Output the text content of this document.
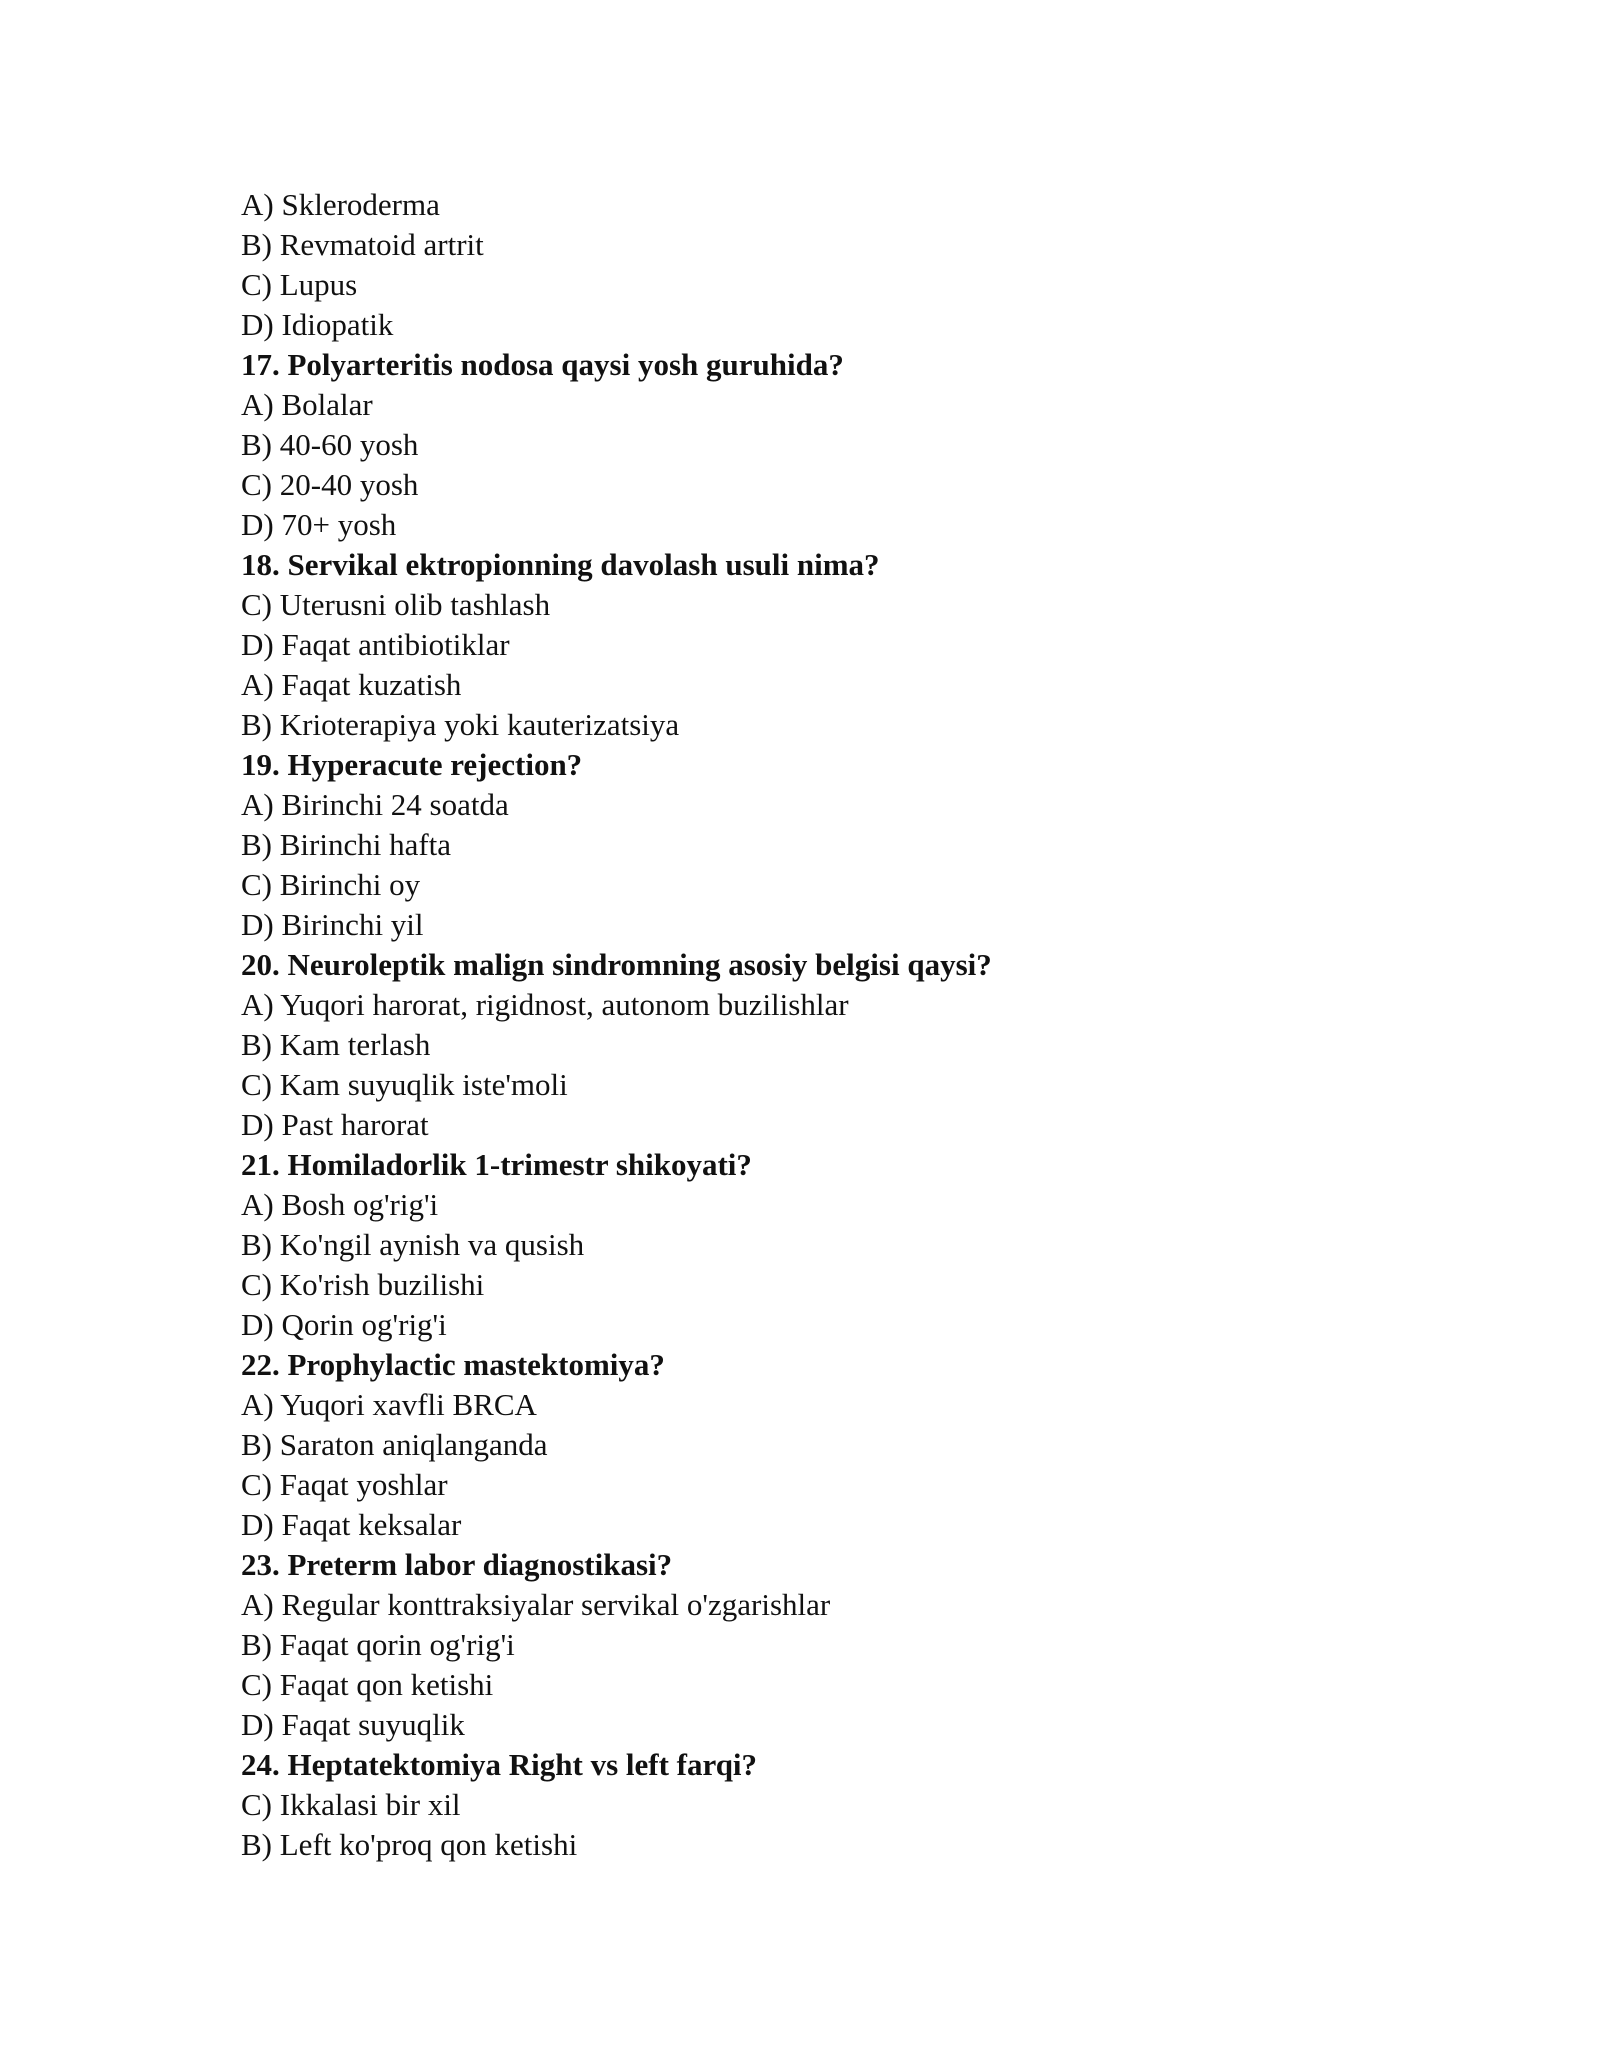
A) Skleroderma
B) Revmatoid artrit
C) Lupus
D) Idiopatik
17. Polyarteritis nodosa qaysi yosh guruhida?
A) Bolalar
B) 40-60 yosh
C) 20-40 yosh
D) 70+ yosh
18. Servikal ektropionning davolash usuli nima?
C) Uterusni olib tashlash
D) Faqat antibiotiklar
A) Faqat kuzatish
B) Krioterapiya yoki kauterizatsiya
19. Hyperacute rejection?
A) Birinchi 24 soatda
B) Birinchi hafta
C) Birinchi oy
D) Birinchi yil
20. Neuroleptik malign sindromning asosiy belgisi qaysi?
A) Yuqori harorat, rigidnost, autonom buzilishlar
B) Kam terlash
C) Kam suyuqlik iste'moli
D) Past harorat
21. Homiladorlik 1-trimestr shikoyati?
A) Bosh og'rig'i
B) Ko'ngil aynish va qusish
C) Ko'rish buzilishi
D) Qorin og'rig'i
22. Prophylactic mastektomiya?
A) Yuqori xavfli BRCA
B) Saraton aniqlanganda
C) Faqat yoshlar
D) Faqat keksalar
23. Preterm labor diagnostikasi?
A) Regular konttraksiyalar servikal o'zgarishlar
B) Faqat qorin og'rig'i
C) Faqat qon ketishi
D) Faqat suyuqlik
24. Heptatektomiya Right vs left farqi?
C) Ikkalasi bir xil
B) Left ko'proq qon ketishi
